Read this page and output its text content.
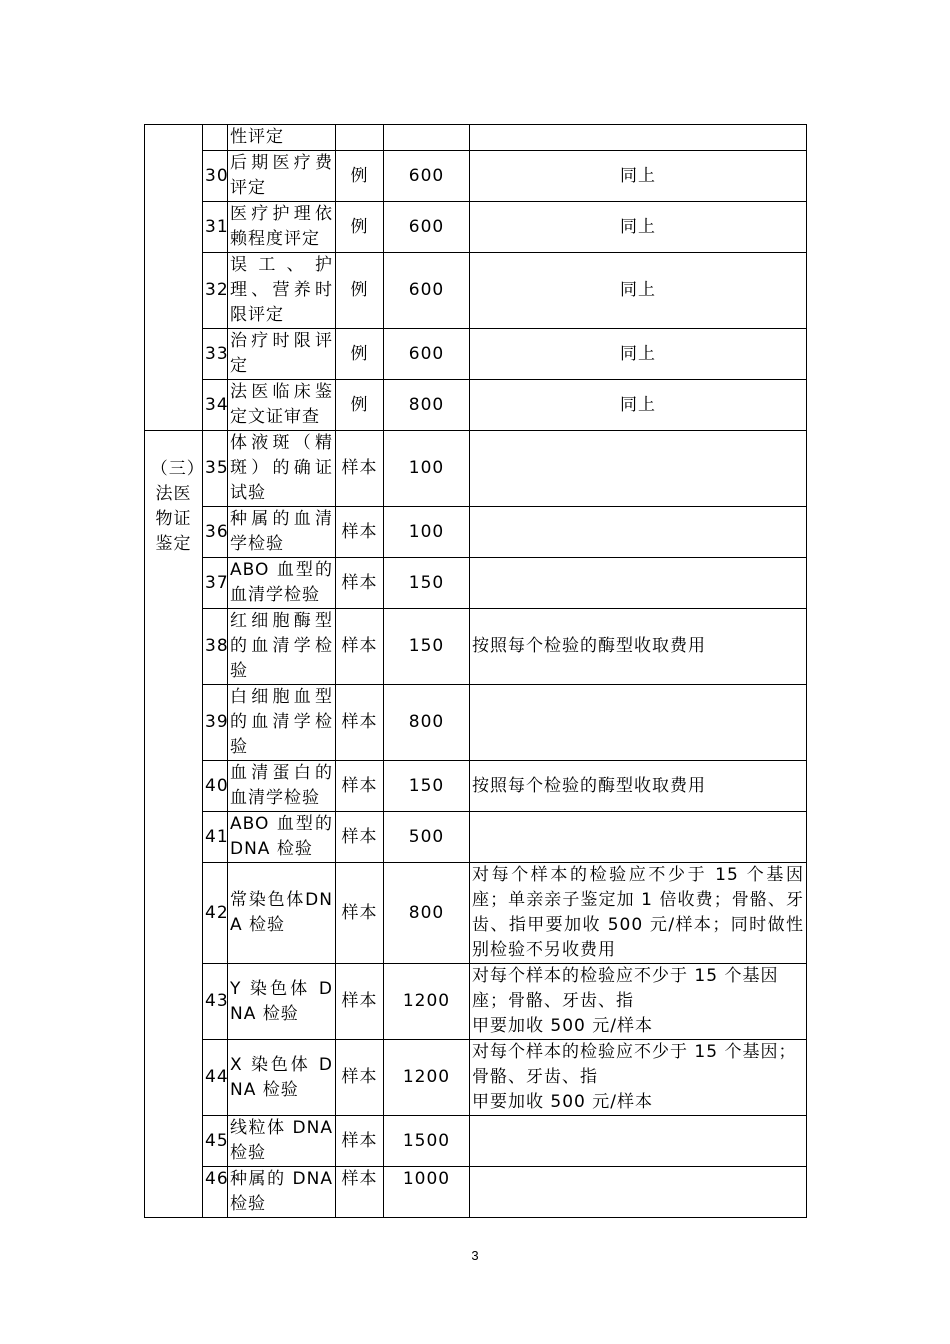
		性评定			
	30	后期医疗费评定	例	600	同上
	31	医疗护理依赖程度评定	例	600	同上
	32	误工、护理、营养时限评定	例	600	同上
	33	治疗时限评定	例	600	同上
	34	法医临床鉴定文证审查	例	800	同上
（三）法医物证鉴定	35	体液斑（精斑）的确证试验	样本	100	
	36	种属的血清学检验	样本	100	
	37	ABO 血型的血清学检验	样本	150	
	38	红细胞酶型的血清学检验	样本	150	按照每个检验的酶型收取费用
	39	白细胞血型的血清学检验	样本	800	
	40	血清蛋白的血清学检验	样本	150	按照每个检验的酶型收取费用
	41	ABO 血型的DNA 检验	样本	500	
	42	常染色体DNA 检验	样本	800	对每个样本的检验应不少于 15 个基因座；单亲亲子鉴定加 1 倍收费；骨骼、牙齿、指甲要加收 500 元/样本；同时做性别检验不另收费用
	43	Y 染色体 DNA 检验	样本	1200	对每个样本的检验应不少于 15 个基因座；骨骼、牙齿、指
甲要加收 500 元/样本

	44	X 染色体 DNA 检验	样本	1200	对每个样本的检验应不少于 15 个基因；骨骼、牙齿、指
甲要加收 500 元/样本

	45	线粒体 DNA 检验	样本	1500	
	46	种属的 DNA 检验	样本	1000	
3
